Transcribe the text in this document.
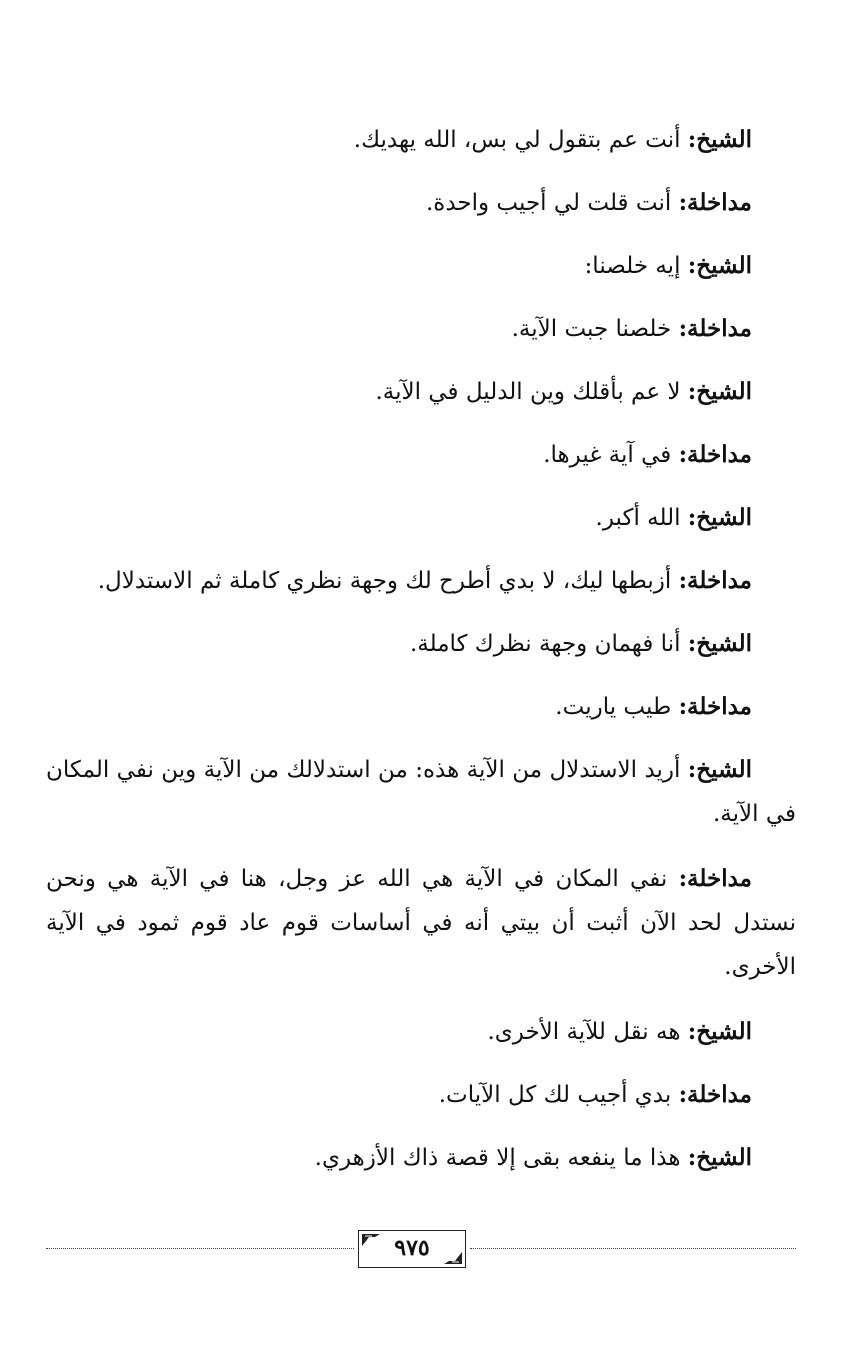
الشيخ: أنت عم بتقول لي بس، الله يهديك.

مداخلة: أنت قلت لي أجيب واحدة.

الشيخ: إيه خلصنا:

مداخلة: خلصنا جبت الآية.

الشيخ: لا عم بأقلك وين الدليل في الآية.

مداخلة: في آية غيرها.

الشيخ: الله أكبر.

مداخلة: أزبطها ليك، لا بدي أطرح لك وجهة نظري كاملة ثم الاستدلال.

الشيخ: أنا فهمان وجهة نظرك كاملة.

مداخلة: طيب ياريت.

الشيخ: أريد الاستدلال من الآية هذه: من استدلالك من الآية وين نفي المكان في الآية.

مداخلة: نفي المكان في الآية هي الله عز وجل، هنا في الآية هي ونحن نستدل لحد الآن أثبت أن بيتي أنه في أساسات قوم عاد قوم ثمود في الآية الأخرى.

الشيخ: هه نقل للآية الأخرى.

مداخلة: بدي أجيب لك كل الآيات.

الشيخ: هذا ما ينفعه بقى إلا قصة ذاك الأزهري.

٩٧٥
